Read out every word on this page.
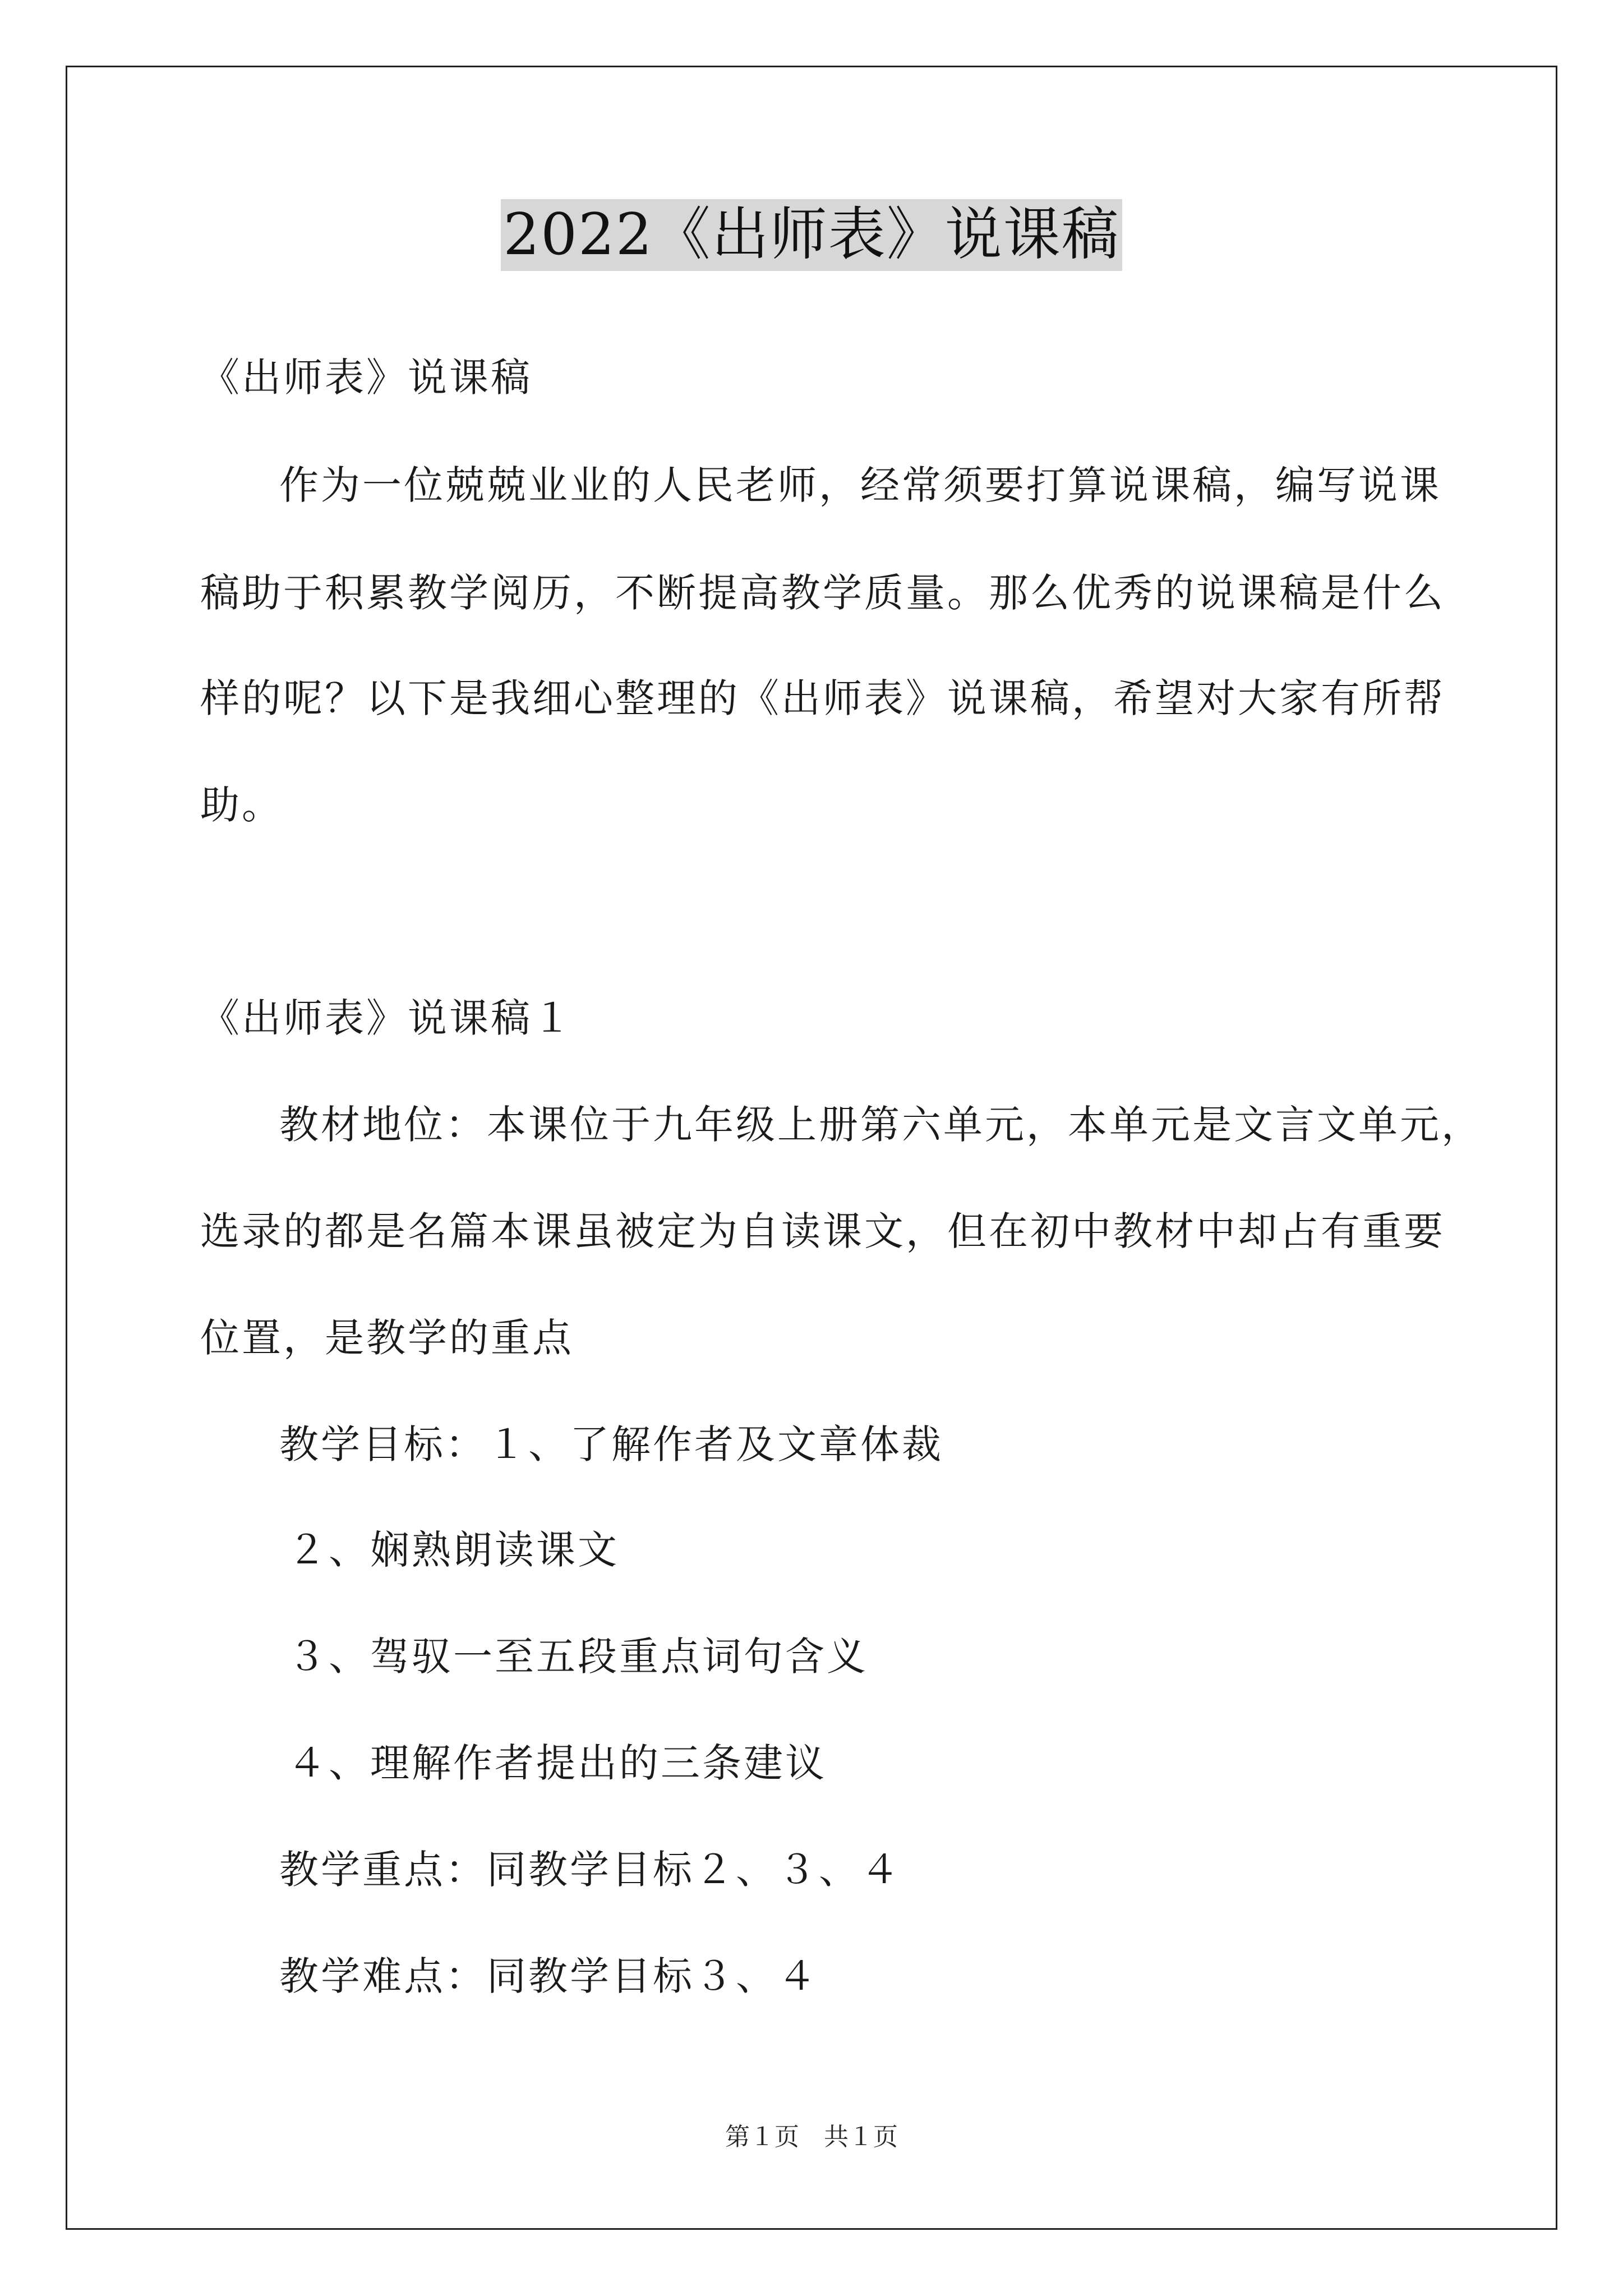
2022《出师表》说课稿
《出师表》说课稿
作为一位兢兢业业的人民老师，经常须要打算说课稿，编写说课
稿助于积累教学阅历，不断提高教学质量。那么优秀的说课稿是什么
样的呢？以下是我细心整理的《出师表》说课稿，希望对大家有所帮
助。
《出师表》说课稿１
教材地位：本课位于九年级上册第六单元，本单元是文言文单元，
选录的都是名篇本课虽被定为自读课文，但在初中教材中却占有重要
位置，是教学的重点
教学目标：１、了解作者及文章体裁
２、娴熟朗读课文
３、驾驭一至五段重点词句含义
４、理解作者提出的三条建议
教学重点：同教学目标２、３、４
教学难点：同教学目标３、４
第１页　共１页
